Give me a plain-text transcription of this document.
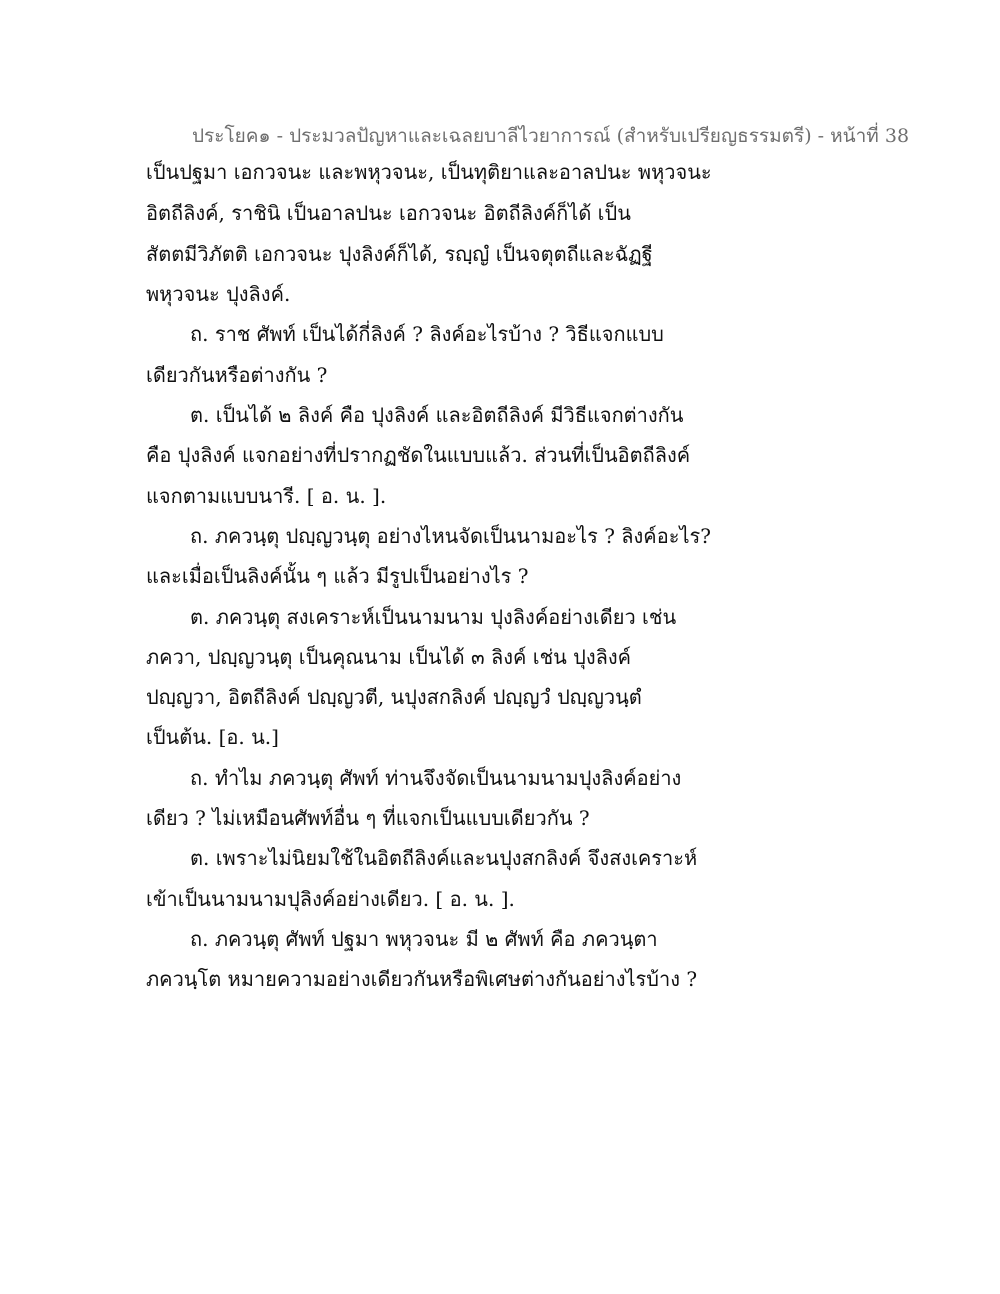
ประโยค๑ - ประมวลปัญหาและเฉลยบาลีไวยาการณ์ (สำหรับเปรียญธรรมตรี) - หน้าที่ 38
เป็นปฐมา เอกวจนะ และพหุวจนะ, เป็นทุติยาและอาลปนะ พหุวจนะ
อิตถีลิงค์, ราชินิ เป็นอาลปนะ เอกวจนะ อิตถีลิงค์ก็ได้ เป็น
สัตตมีวิภัตติ เอกวจนะ ปุงลิงค์ก็ได้, รญฺญํ เป็นจตุตถีและฉัฏฐี
พหุวจนะ ปุงลิงค์.
ถ. ราช ศัพท์ เป็นได้กี่ลิงค์ ? ลิงค์อะไรบ้าง ? วิธีแจกแบบ
เดียวกันหรือต่างกัน ?
ต. เป็นได้ ๒ ลิงค์ คือ ปุงลิงค์ และอิตถีลิงค์ มีวิธีแจกต่างกัน
คือ ปุงลิงค์ แจกอย่างที่ปรากฏชัดในแบบแล้ว. ส่วนที่เป็นอิตถีลิงค์
แจกตามแบบนารี. [ อ. น. ].
ถ. ภควนฺตุ ปญฺญวนฺตุ อย่างไหนจัดเป็นนามอะไร ? ลิงค์อะไร?
และเมื่อเป็นลิงค์นั้น ๆ แล้ว มีรูปเป็นอย่างไร ?
ต. ภควนฺตุ สงเคราะห์เป็นนามนาม ปุงลิงค์อย่างเดียว เช่น
ภควา, ปญฺญวนฺตุ เป็นคุณนาม เป็นได้ ๓ ลิงค์ เช่น ปุงลิงค์
ปญฺญวา, อิตถีลิงค์ ปญฺญวตี, นปุงสกลิงค์ ปญฺญวํ ปญฺญวนฺตํ
เป็นต้น. [อ. น.]
ถ. ทำไม ภควนฺตุ ศัพท์ ท่านจึงจัดเป็นนามนามปุงลิงค์อย่าง
เดียว ? ไม่เหมือนศัพท์อื่น ๆ ที่แจกเป็นแบบเดียวกัน ?
ต. เพราะไม่นิยมใช้ในอิตถีลิงค์และนปุงสกลิงค์ จึงสงเคราะห์
เข้าเป็นนามนามปุลิงค์อย่างเดียว. [ อ. น. ].
ถ. ภควนฺตุ ศัพท์ ปฐมา พหุวจนะ มี ๒ ศัพท์ คือ ภควนฺตา
ภควนฺโต หมายความอย่างเดียวกันหรือพิเศษต่างกันอย่างไรบ้าง ?
